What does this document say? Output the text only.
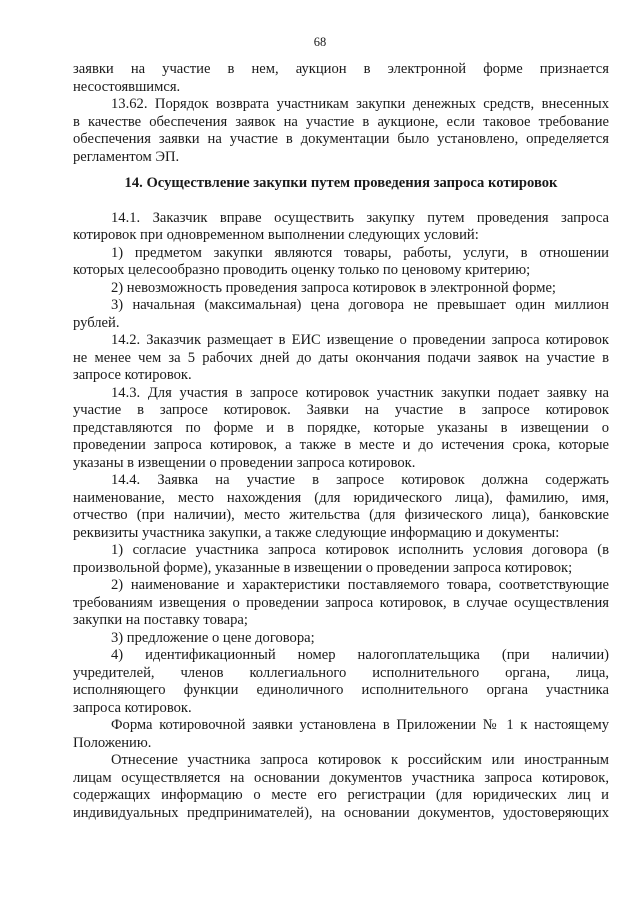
68
заявки на участие в нем, аукцион в электронной форме признается
несостоявшимся.
13.62. Порядок возврата участникам закупки денежных средств, внесенных
в качестве обеспечения заявок на участие в аукционе, если таковое требование
обеспечения заявки на участие в документации было установлено, определяется
регламентом ЭП.
14. Осуществление закупки путем проведения запроса котировок
14.1. Заказчик вправе осуществить закупку путем проведения запроса
котировок при одновременном выполнении следующих условий:
1) предметом закупки являются товары, работы, услуги, в отношении
которых целесообразно проводить оценку только по ценовому критерию;
2) невозможность проведения запроса котировок в электронной форме;
3) начальная (максимальная) цена договора не превышает один миллион
рублей.
14.2. Заказчик размещает в ЕИС извещение о проведении запроса котировок
не менее чем за 5 рабочих дней до даты окончания подачи заявок на участие в
запросе котировок.
14.3. Для участия в запросе котировок участник закупки подает заявку на
участие в запросе котировок. Заявки на участие в запросе котировок
представляются по форме и в порядке, которые указаны в извещении о
проведении запроса котировок, а также в месте и до истечения срока, которые
указаны в извещении о проведении запроса котировок.
14.4. Заявка на участие в запросе котировок должна содержать
наименование, место нахождения (для юридического лица), фамилию, имя,
отчество (при наличии), место жительства (для физического лица), банковские
реквизиты участника закупки, а также следующие информацию и документы:
1) согласие участника запроса котировок исполнить условия договора (в
произвольной форме), указанные в извещении о проведении запроса котировок;
2) наименование и характеристики поставляемого товара, соответствующие
требованиям извещения о проведении запроса котировок, в случае осуществления
закупки на поставку товара;
3) предложение о цене договора;
4) идентификационный номер налогоплательщика (при наличии)
учредителей, членов коллегиального исполнительного органа, лица,
исполняющего функции единоличного исполнительного органа участника
запроса котировок.
Форма котировочной заявки установлена в Приложении № 1 к настоящему
Положению.
Отнесение участника запроса котировок к российским или иностранным
лицам осуществляется на основании документов участника запроса котировок,
содержащих информацию о месте его регистрации (для юридических лиц и
индивидуальных предпринимателей), на основании документов, удостоверяющих
